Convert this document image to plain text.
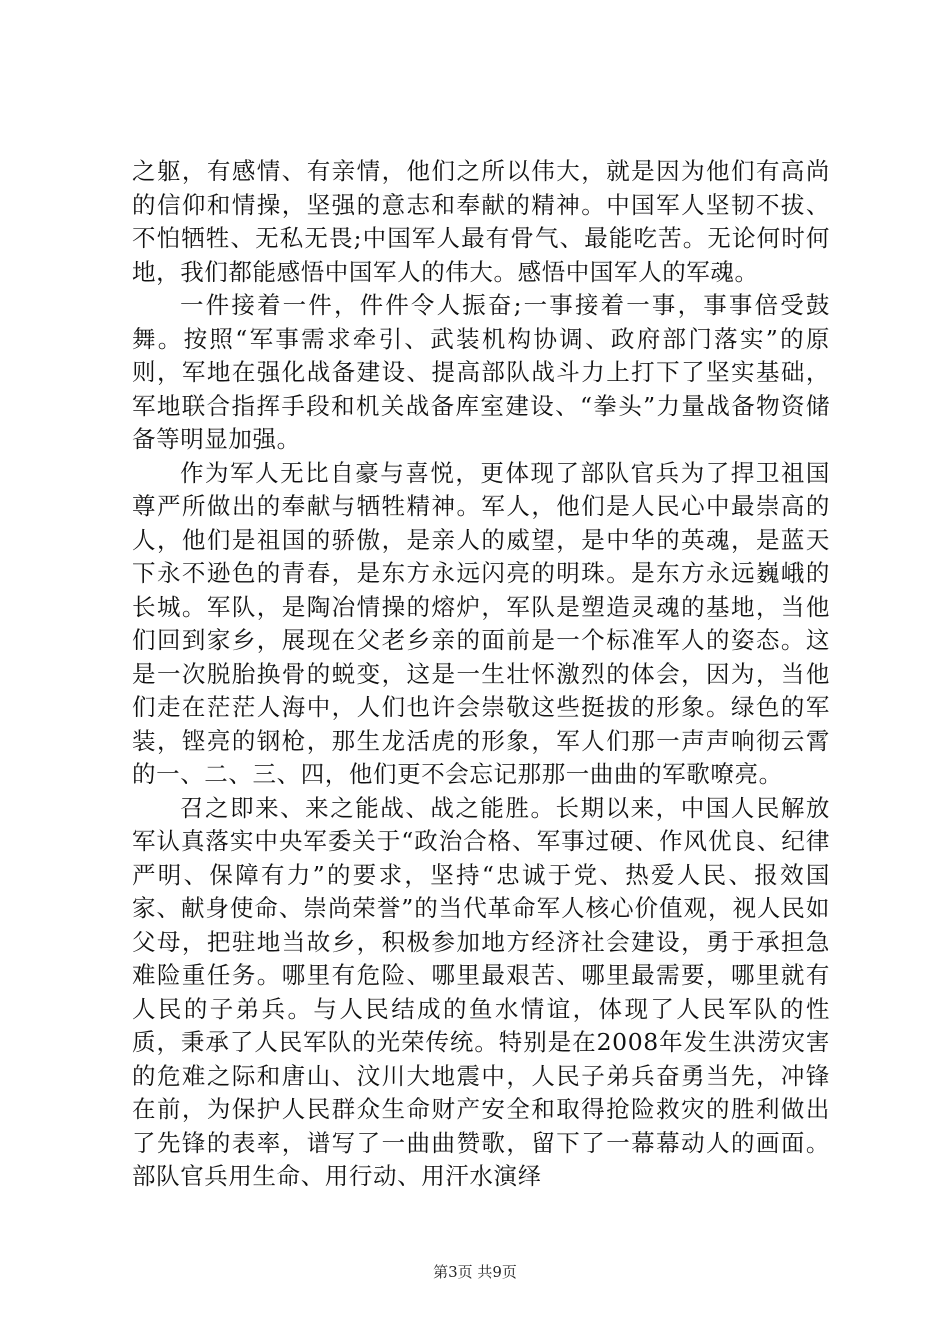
之躯，有感情、有亲情，他们之所以伟大，就是因为他们有高尚的信仰和情操，坚强的意志和奉献的精神。中国军人坚韧不拔、不怕牺牲、无私无畏;中国军人最有骨气、最能吃苦。无论何时何地，我们都能感悟中国军人的伟大。感悟中国军人的军魂。

一件接着一件，件件令人振奋;一事接着一事，事事倍受鼓舞。按照“军事需求牵引、武装机构协调、政府部门落实”的原则，军地在强化战备建设、提高部队战斗力上打下了坚实基础，军地联合指挥手段和机关战备库室建设、“拳头”力量战备物资储备等明显加强。

作为军人无比自豪与喜悦，更体现了部队官兵为了捍卫祖国尊严所做出的奉献与牺牲精神。军人，他们是人民心中最崇高的人，他们是祖国的骄傲，是亲人的威望，是中华的英魂，是蓝天下永不逊色的青春，是东方永远闪亮的明珠。是东方永远巍峨的长城。军队，是陶冶情操的熔炉，军队是塑造灵魂的基地，当他们回到家乡，展现在父老乡亲的面前是一个标准军人的姿态。这是一次脱胎换骨的蜕变，这是一生壮怀激烈的体会，因为，当他们走在茫茫人海中，人们也许会崇敬这些挺拔的形象。绿色的军装，铿亮的钢枪，那生龙活虎的形象，军人们那一声声响彻云霄的一、二、三、四，他们更不会忘记那那一曲曲的军歌嘹亮。

召之即来、来之能战、战之能胜。长期以来，中国人民解放军认真落实中央军委关于“政治合格、军事过硬、作风优良、纪律严明、保障有力”的要求，坚持“忠诚于党、热爱人民、报效国家、献身使命、崇尚荣誉”的当代革命军人核心价值观，视人民如父母，把驻地当故乡，积极参加地方经济社会建设，勇于承担急难险重任务。哪里有危险、哪里最艰苦、哪里最需要，哪里就有人民的子弟兵。与人民结成的鱼水情谊，体现了人民军队的性质，秉承了人民军队的光荣传统。特别是在2008年发生洪涝灾害的危难之际和唐山、汶川大地震中，人民子弟兵奋勇当先，冲锋在前，为保护人民群众生命财产安全和取得抢险救灾的胜利做出了先锋的表率，谱写了一曲曲赞歌，留下了一幕幕动人的画面。部队官兵用生命、用行动、用汗水演绎

第3页 共9页
